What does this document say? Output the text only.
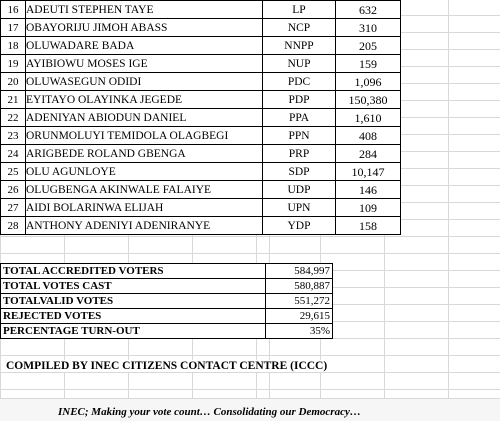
16	ADEUTI STEPHEN TAYE	LP	632
17	OBAYORIJU JIMOH ABASS	NCP	310
18	OLUWADARE BADA	NNPP	205
19	AYIBIOWU MOSES IGE	NUP	159
20	OLUWASEGUN ODIDI	PDC	1,096
21	EYITAYO OLAYINKA JEGEDE	PDP	150,380
22	ADENIYAN ABIODUN DANIEL	PPA	1,610
23	ORUNMOLUYI TEMIDOLA OLAGBEGI	PPN	408
24	ARIGBEDE ROLAND GBENGA	PRP	284
25	OLU AGUNLOYE	SDP	10,147
26	OLUGBENGA AKINWALE FALAIYE	UDP	146
27	AIDI BOLARINWA ELIJAH	UPN	109
28	ANTHONY ADENIYI ADENIRANYE	YDP	158
TOTAL ACCREDITED VOTERS	584,997
TOTAL VOTES CAST	580,887
TOTALVALID VOTES	551,272
REJECTED VOTES	29,615
PERCENTAGE TURN-OUT	35%
COMPILED BY INEC CITIZENS CONTACT CENTRE (ICCC)
INEC; Making your vote count… Consolidating our Democracy…
